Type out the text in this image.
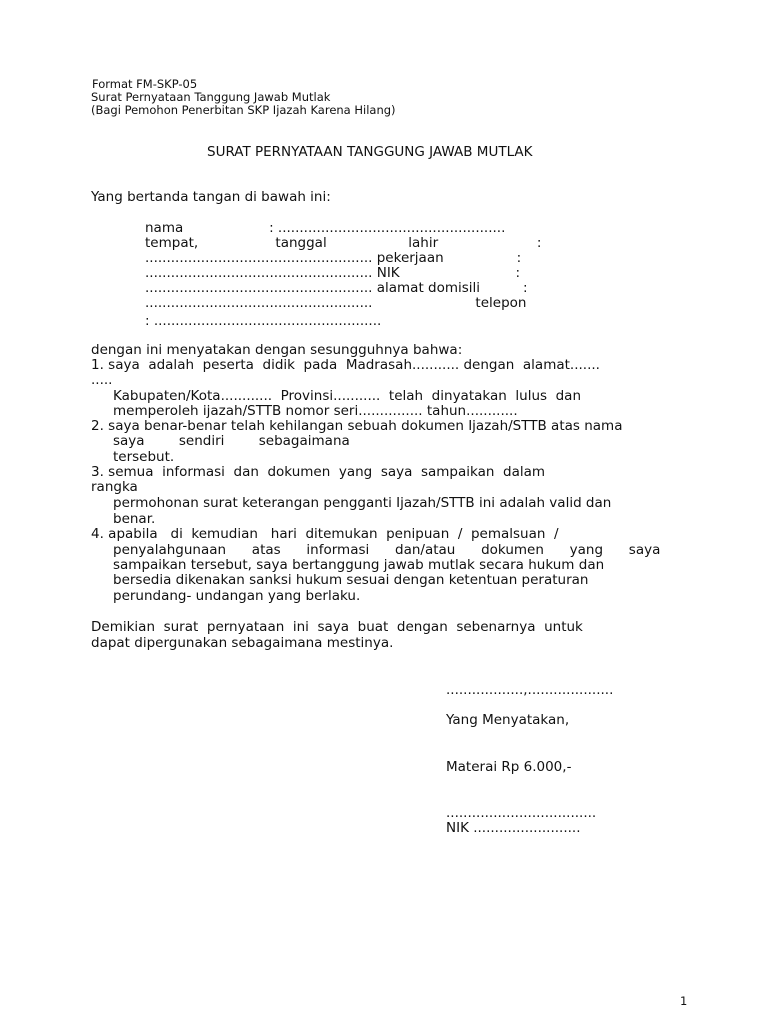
Format FM-SKP-05
Surat Pernyataan Tanggung Jawab Mutlak
(Bagi Pemohon Penerbitan SKP Ijazah Karena Hilang)
SURAT PERNYATAAN TANGGUNG JAWAB MUTLAK
Yang bertanda tangan di bawah ini:
nama                    : .....................................................
tempat,                  tanggal                   lahir                       :
..................................................... pekerjaan                 :
..................................................... NIK                           :
..................................................... alamat domisili          :
.....................................................                        telepon
: .....................................................
dengan ini menyatakan dengan sesungguhnya bahwa:
1. saya  adalah  peserta  didik  pada  Madrasah........... dengan  alamat.......
.....
Kabupaten/Kota............  Provinsi...........  telah  dinyatakan  lulus  dan
memperoleh ijazah/STTB nomor seri............... tahun............
2. saya benar-benar telah kehilangan sebuah dokumen Ijazah/STTB atas nama
saya        sendiri        sebagaimana
tersebut.
3. semua  informasi  dan  dokumen  yang  saya  sampaikan  dalam
rangka
permohonan surat keterangan pengganti Ijazah/STTB ini adalah valid dan
benar.
4. apabila   di  kemudian   hari  ditemukan  penipuan  /  pemalsuan  /
penyalahgunaan      atas      informasi      dan/atau      dokumen      yang      saya
sampaikan tersebut, saya bertanggung jawab mutlak secara hukum dan
bersedia dikenakan sanksi hukum sesuai dengan ketentuan peraturan
perundang- undangan yang berlaku.
Demikian  surat  pernyataan  ini  saya  buat  dengan  sebenarnya  untuk
dapat dipergunakan sebagaimana mestinya.
..................,....................
Yang Menyatakan,
Materai Rp 6.000,-
...................................
NIK .........................
1
